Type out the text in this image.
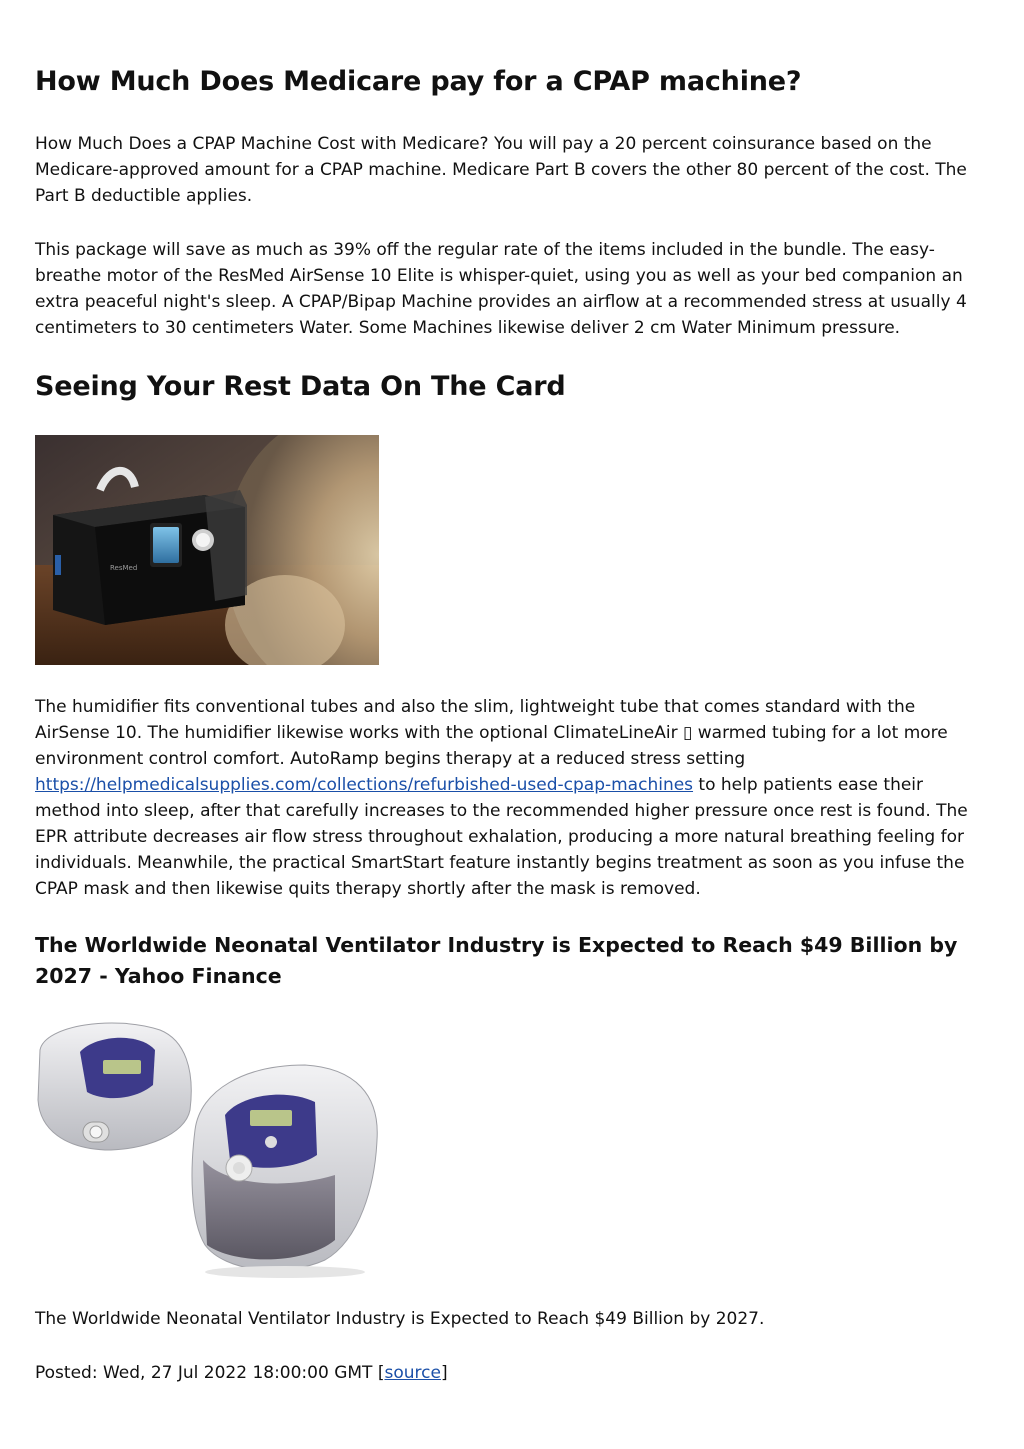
How Much Does Medicare pay for a CPAP machine?

How Much Does a CPAP Machine Cost with Medicare? You will pay a 20 percent coinsurance based on the Medicare-approved amount for a CPAP machine. Medicare Part B covers the other 80 percent of the cost. The Part B deductible applies.

This package will save as much as 39% off the regular rate of the items included in the bundle. The easy-breathe motor of the ResMed AirSense 10 Elite is whisper-quiet, using you as well as your bed companion an extra peaceful night's sleep. A CPAP/Bipap Machine provides an airflow at a recommended stress at usually 4 centimeters to 30 centimeters Water. Some Machines likewise deliver 2 cm Water Minimum pressure.

Seeing Your Rest Data On The Card
ResMed

The humidifier fits conventional tubes and also the slim, lightweight tube that comes standard with the AirSense 10. The humidifier likewise works with the optional ClimateLineAir ▯ warmed tubing for a lot more environment control comfort. AutoRamp begins therapy at a reduced stress setting https://helpmedicalsupplies.com/collections/refurbished-used-cpap-machines to help patients ease their method into sleep, after that carefully increases to the recommended higher pressure once rest is found. The EPR attribute decreases air flow stress throughout exhalation, producing a more natural breathing feeling for individuals. Meanwhile, the practical SmartStart feature instantly begins treatment as soon as you infuse the CPAP mask and then likewise quits therapy shortly after the mask is removed.

The Worldwide Neonatal Ventilator Industry is Expected to Reach $49 Billion by 2027 - Yahoo Finance

The Worldwide Neonatal Ventilator Industry is Expected to Reach $49 Billion by 2027.

Posted: Wed, 27 Jul 2022 18:00:00 GMT [source]
